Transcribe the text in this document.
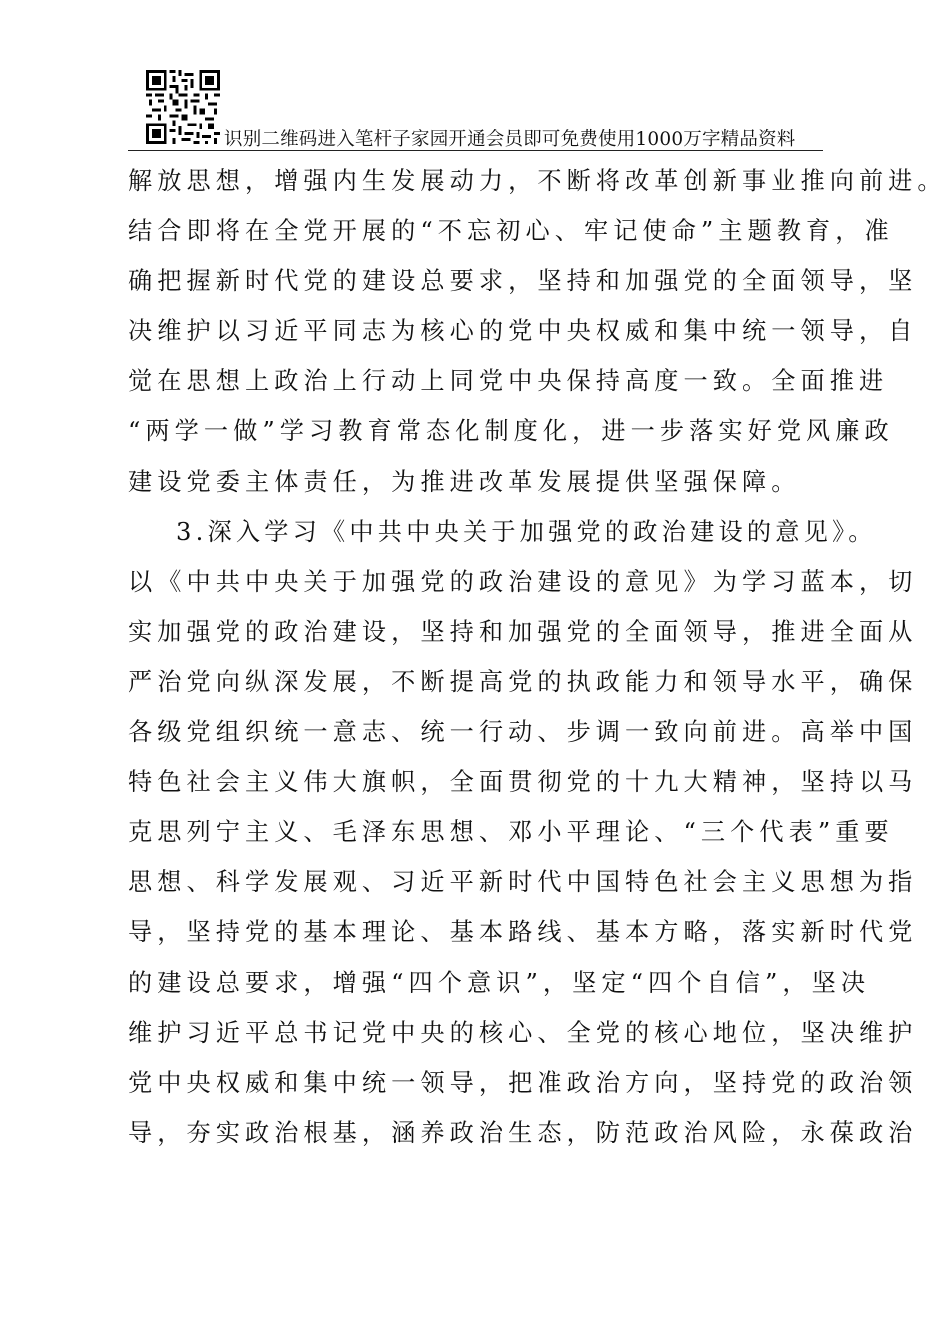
识别二维码进入笔杆子家园开通会员即可免费使用1000万字精品资料
解放思想，增强内生发展动力，不断将改革创新事业推向前进。
结合即将在全党开展的“不忘初心、牢记使命”主题教育，准
确把握新时代党的建设总要求，坚持和加强党的全面领导，坚
决维护以习近平同志为核心的党中央权威和集中统一领导，自
觉在思想上政治上行动上同党中央保持高度一致。全面推进
“两学一做”学习教育常态化制度化，进一步落实好党风廉政
建设党委主体责任，为推进改革发展提供坚强保障。
3.深入学习《中共中央关于加强党的政治建设的意见》。
以《中共中央关于加强党的政治建设的意见》为学习蓝本，切
实加强党的政治建设，坚持和加强党的全面领导，推进全面从
严治党向纵深发展，不断提高党的执政能力和领导水平，确保
各级党组织统一意志、统一行动、步调一致向前进。高举中国
特色社会主义伟大旗帜，全面贯彻党的十九大精神，坚持以马
克思列宁主义、毛泽东思想、邓小平理论、“三个代表”重要
思想、科学发展观、习近平新时代中国特色社会主义思想为指
导，坚持党的基本理论、基本路线、基本方略，落实新时代党
的建设总要求，增强“四个意识”，坚定“四个自信”，坚决
维护习近平总书记党中央的核心、全党的核心地位，坚决维护
党中央权威和集中统一领导，把准政治方向，坚持党的政治领
导，夯实政治根基，涵养政治生态，防范政治风险，永葆政治
